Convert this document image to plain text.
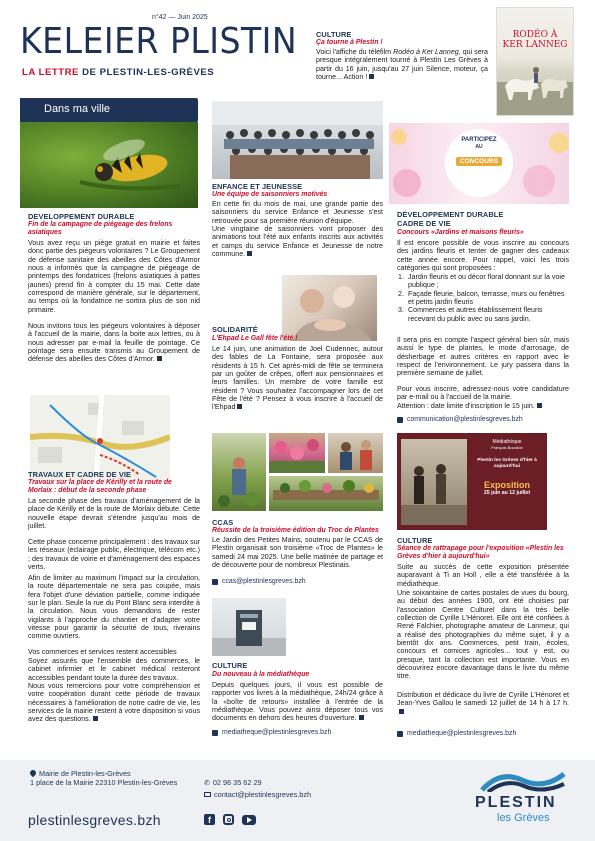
n°42 — Juin 2025
KELEIER PLISTIN
LA LETTRE DE PLESTIN-LES-GRÈVES
CULTURE
Ça tourne à Plestin !

Voici l'affiche du téléfilm Rodéo à Ker Lanneg, qui sera presque intégralement tourné à Plestin Les Grèves à partir du 16 juin, jusqu'au 27 juin Silence, moteur, ça tourne... Action !

RODÉO À
KER LANNEG
Dans ma ville
DEVELOPPEMENT DURABLE
Fin de la campagne de piégeage des frelons asiatiques

Vous avez reçu un piège gratuit en mairie et faites donc partie des piégeurs volontaires ? Le Groupement de défense sanitaire des abeilles des Côtes d'Armor nous a informés que la campagne de piégeage de printemps des fondatrices (frelons asiatiques à pattes jaunes) prend fin à compter du 15 mai. Cette date correspond de manière générale, sur le département, au temps où la fondatrice ne sortira plus de son nid primaire.

Nous invitons tous les piégeurs volontaires à déposer à l'accueil de la mairie, dans la boite aux lettres, ou à nous adresser par e-mail la feuille de pointage. Ce pointage sera ensuite transmis au Groupement de défense des abeilles des Côtes d'Armor.

TRAVAUX ET CADRE DE VIE
Travaux sur la place de Kérilly et la route de Morlaix : début de la seconde phase

La seconde phase des travaux d'aménagement de la place de Kérilly et de la route de Morlaix débute. Cette nouvelle étape devrait s'étendre jusqu'au mois de juillet.

Cette phase concerne principalement : des travaux sur les réseaux (éclairage public, électrique, télécom etc.) ; des travaux de voirie et d'aménagement des espaces verts.

Afin de limiter au maximum l'impact sur la circulation, la route départementale ne sera pas coupée, mais fera l'objet d'une déviation partielle, comme indiquée sur le plan. Seule la rue du Pont Blanc sera interdite à la circulation. Nous vous demandons de rester vigilants à l'approche du chantier et d'adapter votre vitesse pour garantir la sécurité de tous, riverains comme ouvriers.

Vos commerces et services restent accessibles

Soyez assurés que l'ensemble des commerces, le cabinet infirmier et le cabinet médical resteront accessibles pendant toute la durée des travaux.

Nous vous remercions pour votre compréhension et votre coopération durant cette période de travaux nécessaires à l'amélioration de notre cadre de vie, les services de la mairie restent à votre disposition si vous avez des questions.

ENFANCE ET JEUNESSE
Une équipe de saisonniers motivés

En cette fin du mois de mai, une grande partie des saisonniers du service Enfance et Jeunesse s'est retrouvée pour sa première réunion d'équipe.

Une vingtaine de saisonniers vont proposer des animations tout l'été aux enfants inscrits aux activités et camps du service Enfance et Jeunesse de notre commune.

SOLIDARITÉ
L'Ehpad Le Gall fête l'été !

Le 14 juin, une animation de Joel Cudennec, autour des fables de La Fontaine, sera proposée aux résidents à 15 h. Cet après-midi de fête se terminera par un goûter de crêpes, offert aux pensionnaires et leurs familles. Un membre de votre famille est résident ? Vous souhaitez l'accompagner lors de cet Fête de l'été ? Pensez à vous inscrire à l'accueil de l'Ehpad

CCAS
Réussite de la troisième édition du Troc de Plantes

Le Jardin des Petites Mains, soutenu par le CCAS de Plestin organisait son troisième «Troc de Plantes» le samedi 24 mai 2025. Une belle matinée de partage et de découverte pour de nombreux Plestinais.

ccas@plestinlesgreves.bzh
CULTURE
Du nouveau à la médiathèque

Depuis quelques jours, il vous est possible de rapporter vos livres à la médiathèque, 24h/24 grâce à la «boîte de retours» installée à l'entrée de la médiathèque. Vous pouvez ainsi déposer tous vos documents en dehors des heures d'ouverture.

mediatheque@plestinlesgreves.bzh
PARTICIPEZ
AU
CONCOURS
DÉVELOPPEMENT DURABLE
CADRE DE VIE
Concours «Jardins et maisons fleuris»

Il est encore possible de vous inscrire au concours des jardins fleuris et tenter de gagner des cadeaux cette année encore. Pour rappel, voici les trois catégories qui sont proposées :

1. Jardin fleuris et ou décor floral donnant sur la voie publique ;
2. Façade fleurie, balcon, terrasse, murs ou fenêtres et petits jardin fleuris
3. Commerces et autres établissement fleuris recevant du public avec ou sans jardin.

Il sera pris en compte l'aspect général bien sûr, mais aussi le type de plantes, le mode d'arrosage, de désherbage et autres critères en rapport avec le respect de l'environnement. Le jury passera dans la première semaine de juillet.

Pour vous inscrire, adressez-nous votre candidature par e-mail ou à l'accueil de la mairie.

Attention : date limite d'inscription le 15 juin.

communication@plestinlesgreves.bzh
Médiathèque
François Bourdon
Plestin les Grèves d'hier à aujourd'hui
Exposition
25 juin au 12 juillet
CULTURE
Séance de rattrapage pour l'exposition «Plestin les Grèves d'hier à aujourd'hui»

Suite au succès de cette exposition présentée auparavant à Ti an Holl , elle a été transférée à la médiathèque.

Une soixantaine de cartes postales de vues du bourg, au début des années 1900, ont été choisies par l'association Centre Culturel dans la très belle collection de Cyrille L'Hénoret. Elle ont été confiées à René Falchier, photographe amateur de Lanmeur, qui a réalisé des photographies du même sujet, il y a bientôt dix ans. Commerces, petit train, écoles, concours et comices agricoles... tout y est, ou presque, tant la collection est importante. Vous en découvrirez encore davantage dans le livre du même titre.

Distribution et dédicace du livre de Cyrille L'Hénoret et Jean-Yves Gallou le samedi 12 juillet de 14 h à 17 h.

mediatheque@plestinlesgreves.bzh
Mairie de Plestin-les-Grèves
1 place de la Mairie 22310 Plestin-les-Grèves	✆ 02 96 35 62 29
contact@plestinlesgreves.bzh
plestinlesgreves.bzh	f
PLESTIN
les Grèves
